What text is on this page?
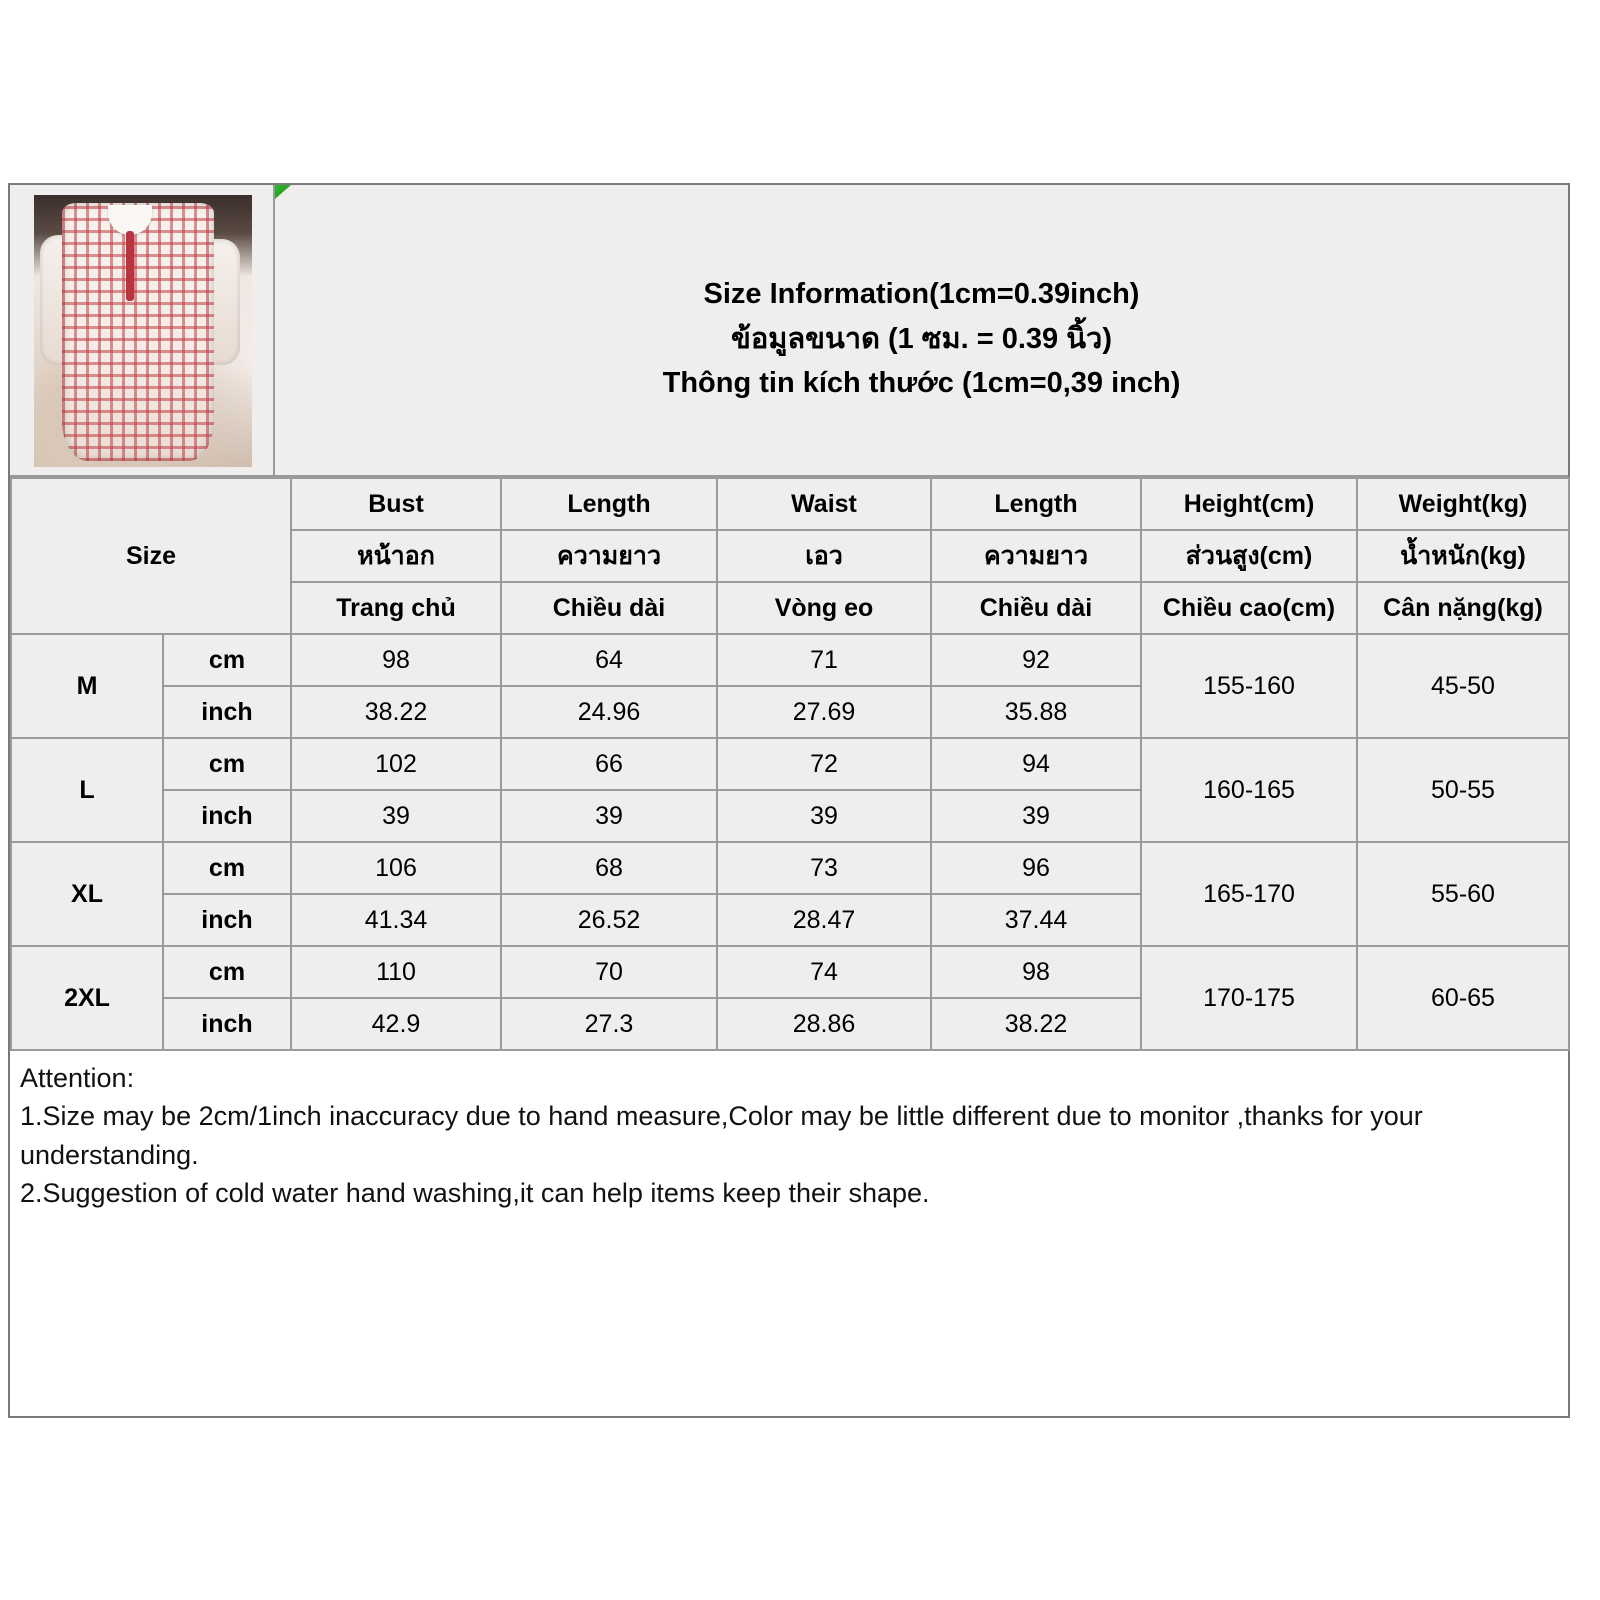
Size Information(1cm=0.39inch)
ข้อมูลขนาด (1 ซม. = 0.39 นิ้ว)
Thông tin kích thước (1cm=0,39 inch)
Size		Bust	Length	Waist	Length	Height(cm)	Weight(kg)
		หน้าอก	ความยาว	เอว	ความยาว	ส่วนสูง(cm)	น้ำหนัก(kg)
		Trang chủ	Chiều dài	Vòng eo	Chiều dài	Chiều cao(cm)	Cân nặng(kg)
M	cm	98	64	71	92	155-160	45-50
	inch	38.22	24.96	27.69	35.88		
L	cm	102	66	72	94	160-165	50-55
	inch	39	39	39	39		
XL	cm	106	68	73	96	165-170	55-60
	inch	41.34	26.52	28.47	37.44		
2XL	cm	110	70	74	98	170-175	60-65
	inch	42.9	27.3	28.86	38.22		

Attention:

1.Size may be 2cm/1inch inaccuracy due to hand measure,Color may be little different due to monitor ,thanks for your understanding.

2.Suggestion of cold water hand washing,it can help items keep their shape.
